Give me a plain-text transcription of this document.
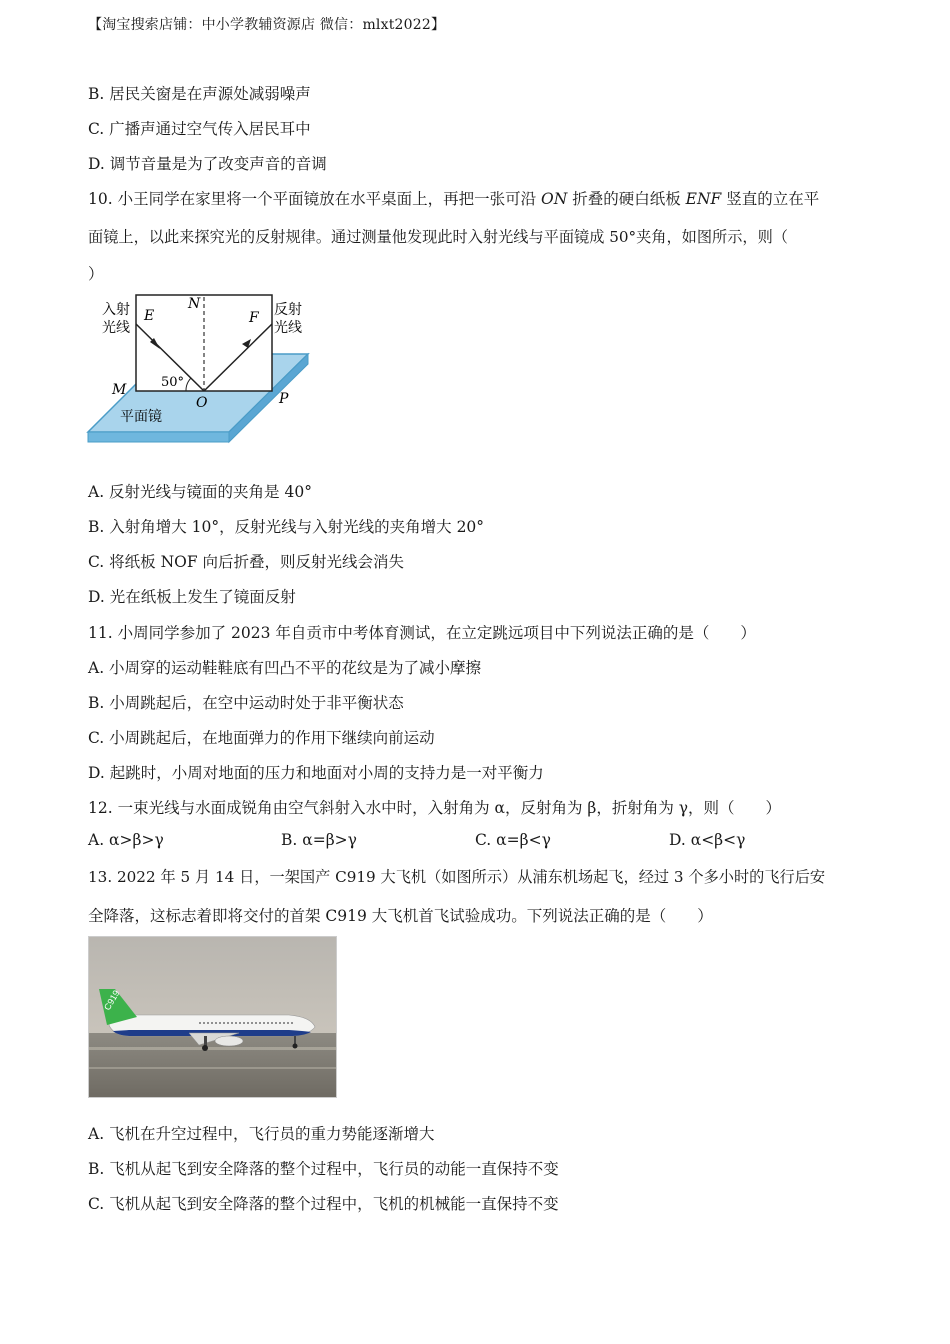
【淘宝搜索店铺：中小学教辅资源店 微信：mlxt2022】
B. 居民关窗是在声源处减弱噪声
C. 广播声通过空气传入居民耳中
D. 调节音量是为了改变声音的音调
10. 小王同学在家里将一个平面镜放在水平桌面上，再把一张可沿 ON 折叠的硬白纸板 ENF 竖直的立在平
面镜上，以此来探究光的反射规律。通过测量他发现此时入射光线与平面镜成 50°夹角，如图所示，则（
）
入射
光线
反射
光线
E
N
F
M
O	P
50°
平面镜
A. 反射光线与镜面的夹角是 40°
B. 入射角增大 10°，反射光线与入射光线的夹角增大 20°
C. 将纸板 NOF 向后折叠，则反射光线会消失
D. 光在纸板上发生了镜面反射
11. 小周同学参加了 2023 年自贡市中考体育测试，在立定跳远项目中下列说法正确的是（　　）
A. 小周穿的运动鞋鞋底有凹凸不平的花纹是为了减小摩擦
B. 小周跳起后，在空中运动时处于非平衡状态
C. 小周跳起后，在地面弹力的作用下继续向前运动
D. 起跳时，小周对地面的压力和地面对小周的支持力是一对平衡力
12. 一束光线与水面成锐角由空气斜射入水中时，入射角为 α，反射角为 β，折射角为 γ，则（　　）
A. α>β>γ	B. α=β>γ	C. α=β<γ	D. α<β<γ
13. 2022 年 5 月 14 日，一架国产 C919 大飞机（如图所示）从浦东机场起飞，经过 3 个多小时的飞行后安
全降落，这标志着即将交付的首架 C919 大飞机首飞试验成功。下列说法正确的是（　　）
C919
A. 飞机在升空过程中，飞行员的重力势能逐渐增大
B. 飞机从起飞到安全降落的整个过程中，飞行员的动能一直保持不变
C. 飞机从起飞到安全降落的整个过程中，飞机的机械能一直保持不变
